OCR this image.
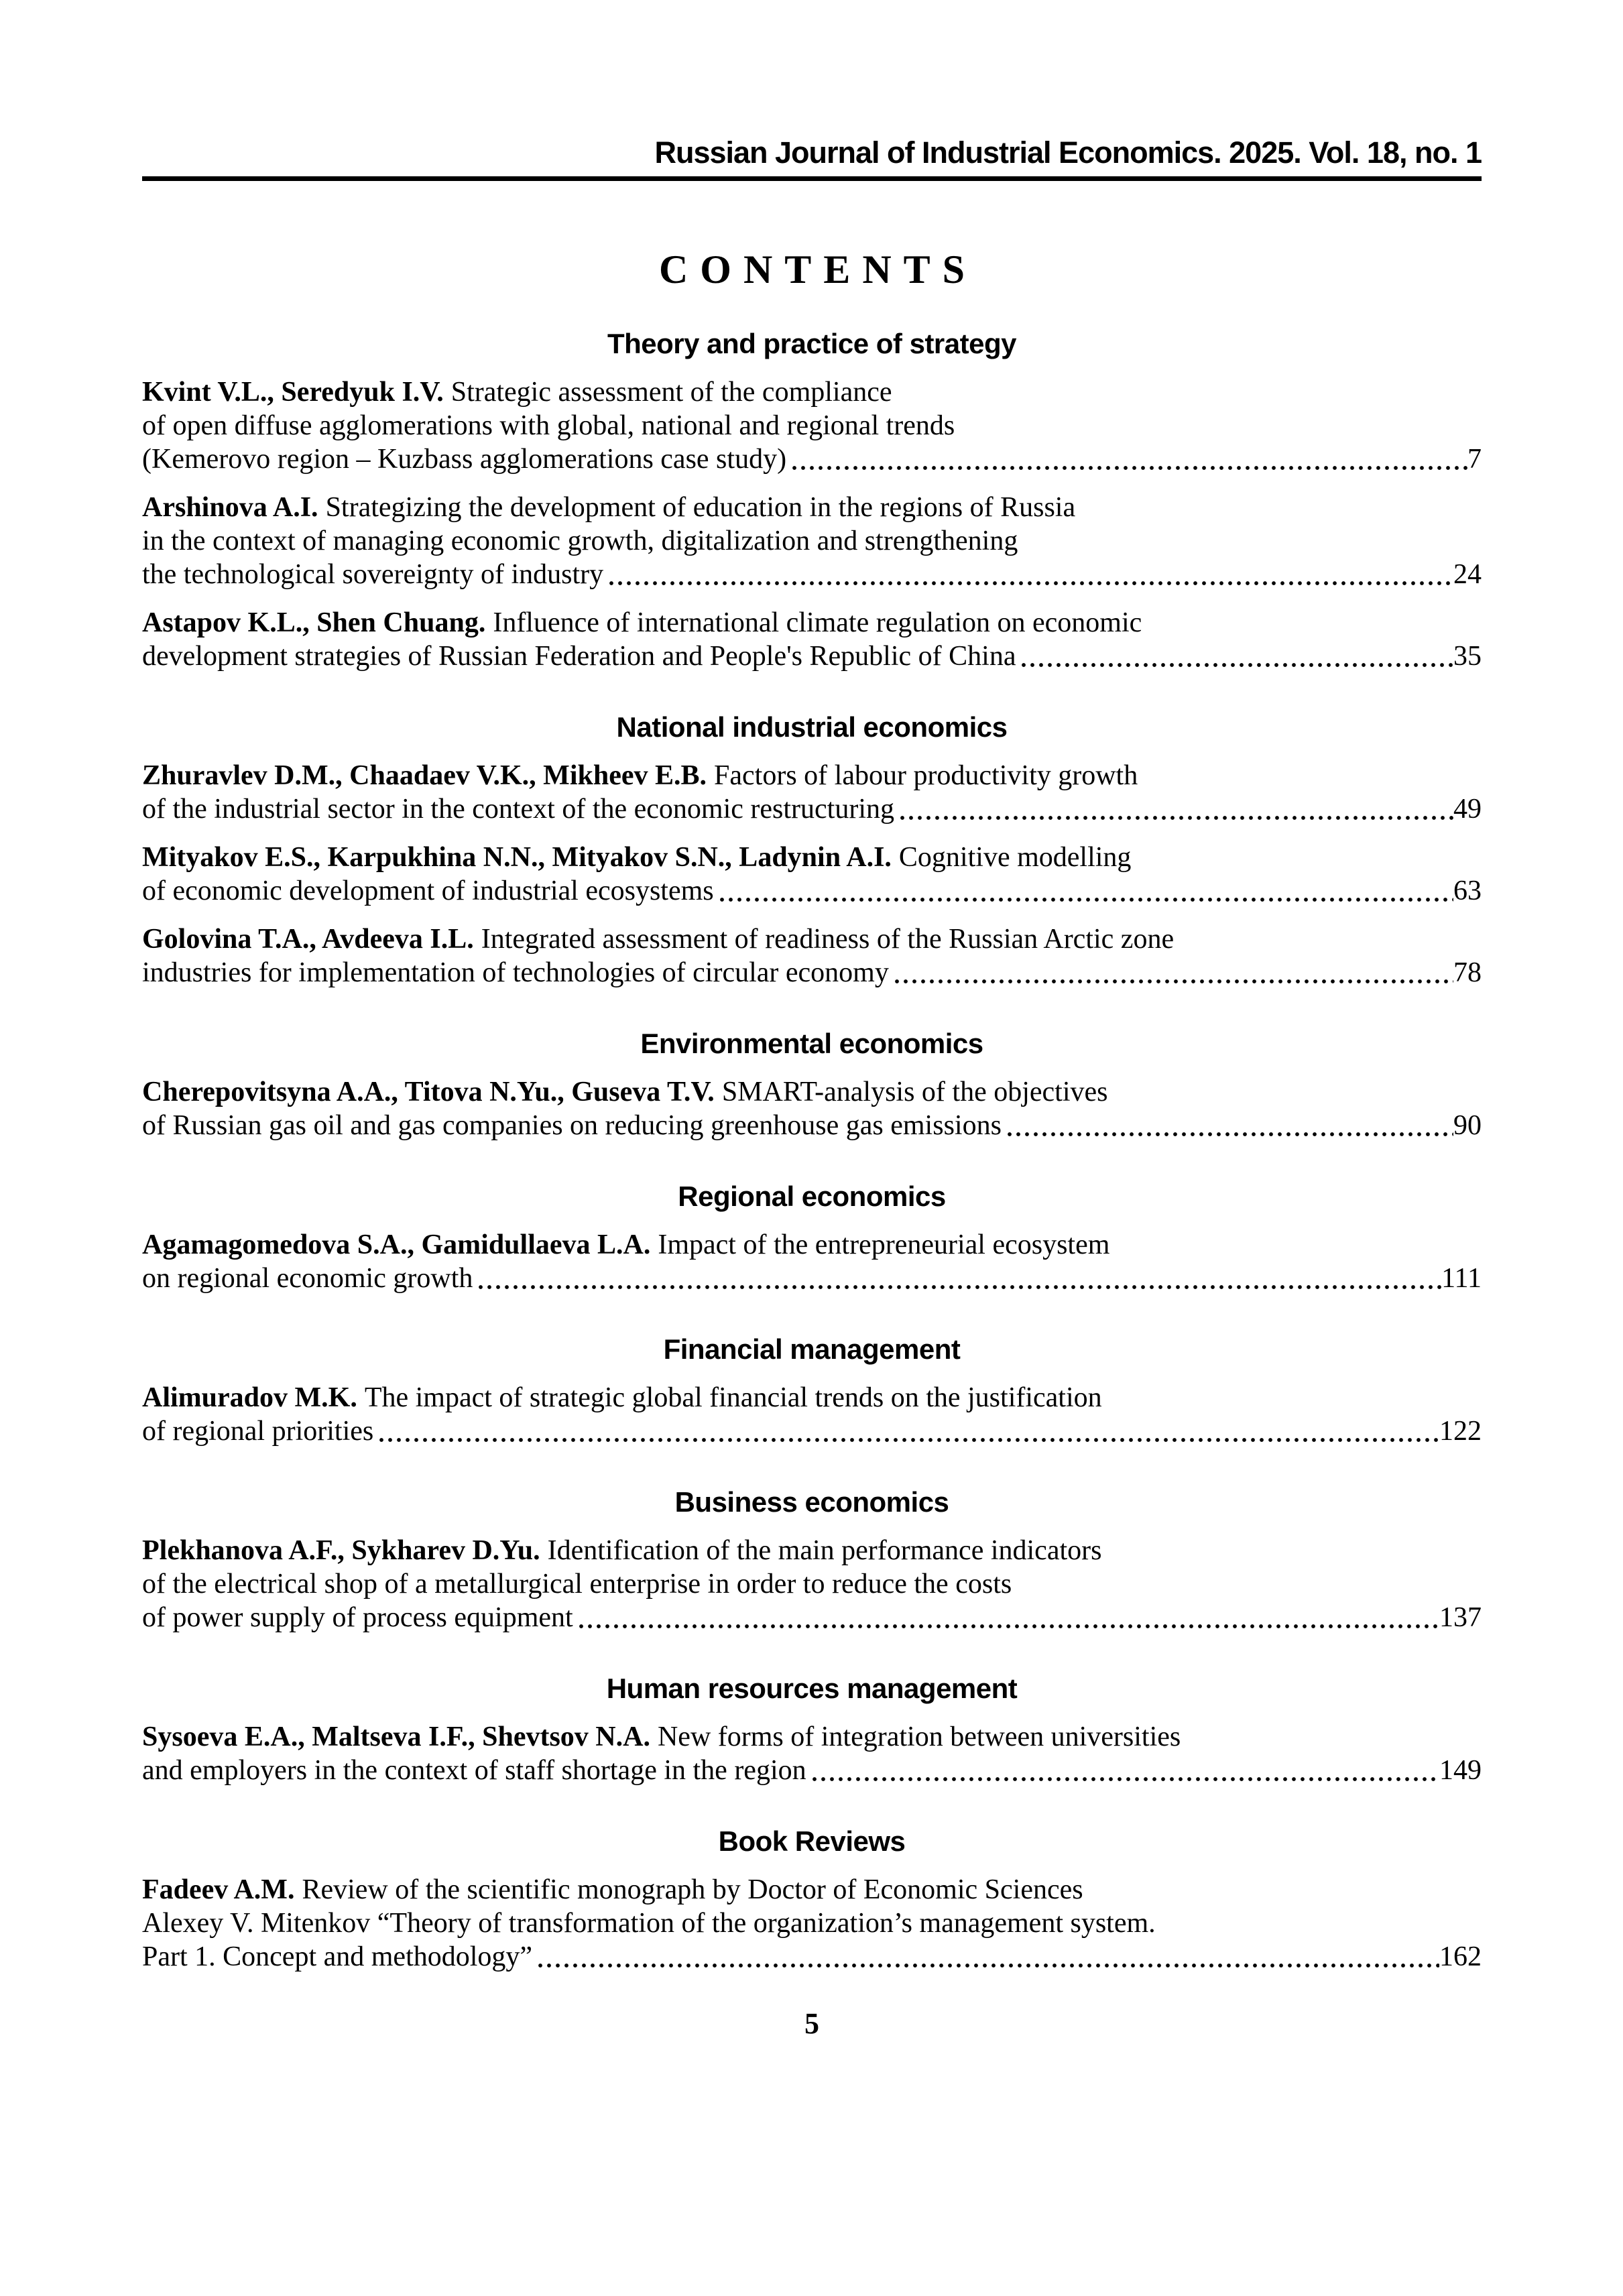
Russian Journal of Industrial Economics. 2025. Vol. 18, no. 1
CONTENTS
Theory and practice of strategy
Kvint V.L., Seredyuk I.V. Strategic assessment of the compliance
of open diffuse agglomerations with global, national and regional trends
(Kemerovo region – Kuzbass agglomerations case study)	7
Arshinova A.I. Strategizing the development of education in the regions of Russia
in the context of managing economic growth, digitalization and strengthening
the technological sovereignty of industry	24
Astapov K.L., Shen Chuang. Influence of international climate regulation on economic
development strategies of Russian Federation and People's Republic of China	35
National industrial economics
Zhuravlev D.M., Chaadaev V.K., Mikheev E.B. Factors of labour productivity growth
of the industrial sector in the context of the economic restructuring	49
Mityakov E.S., Karpukhina N.N., Mityakov S.N., Ladynin A.I. Cognitive modelling
of economic development of industrial ecosystems	63
Golovina T.A., Avdeeva I.L. Integrated assessment of readiness of the Russian Arctic zone
industries for implementation of technologies of circular economy	78
Environmental economics
Cherepovitsyna A.A., Titova N.Yu., Guseva T.V. SMART-analysis of the objectives
of Russian gas oil and gas companies on reducing greenhouse gas emissions	90
Regional economics
Agamagomedova S.A., Gamidullaeva L.A. Impact of the entrepreneurial ecosystem
on regional economic growth	111
Financial management
Alimuradov M.K. The impact of strategic global financial trends on the justification
of regional priorities	122
Business economics
Plekhanova A.F., Sykharev D.Yu. Identification of the main performance indicators
of the electrical shop of a metallurgical enterprise in order to reduce the costs
of power supply of process equipment	137
Human resources management
Sysoeva E.A., Maltseva I.F., Shevtsov N.A. New forms of integration between universities
and employers in the context of staff shortage in the region	149
Book Reviews
Fadeev A.M. Review of the scientific monograph by Doctor of Economic Sciences
Alexey V. Mitenkov “Theory of transformation of the organization’s management system.
Part 1. Concept and methodology”	162
5
